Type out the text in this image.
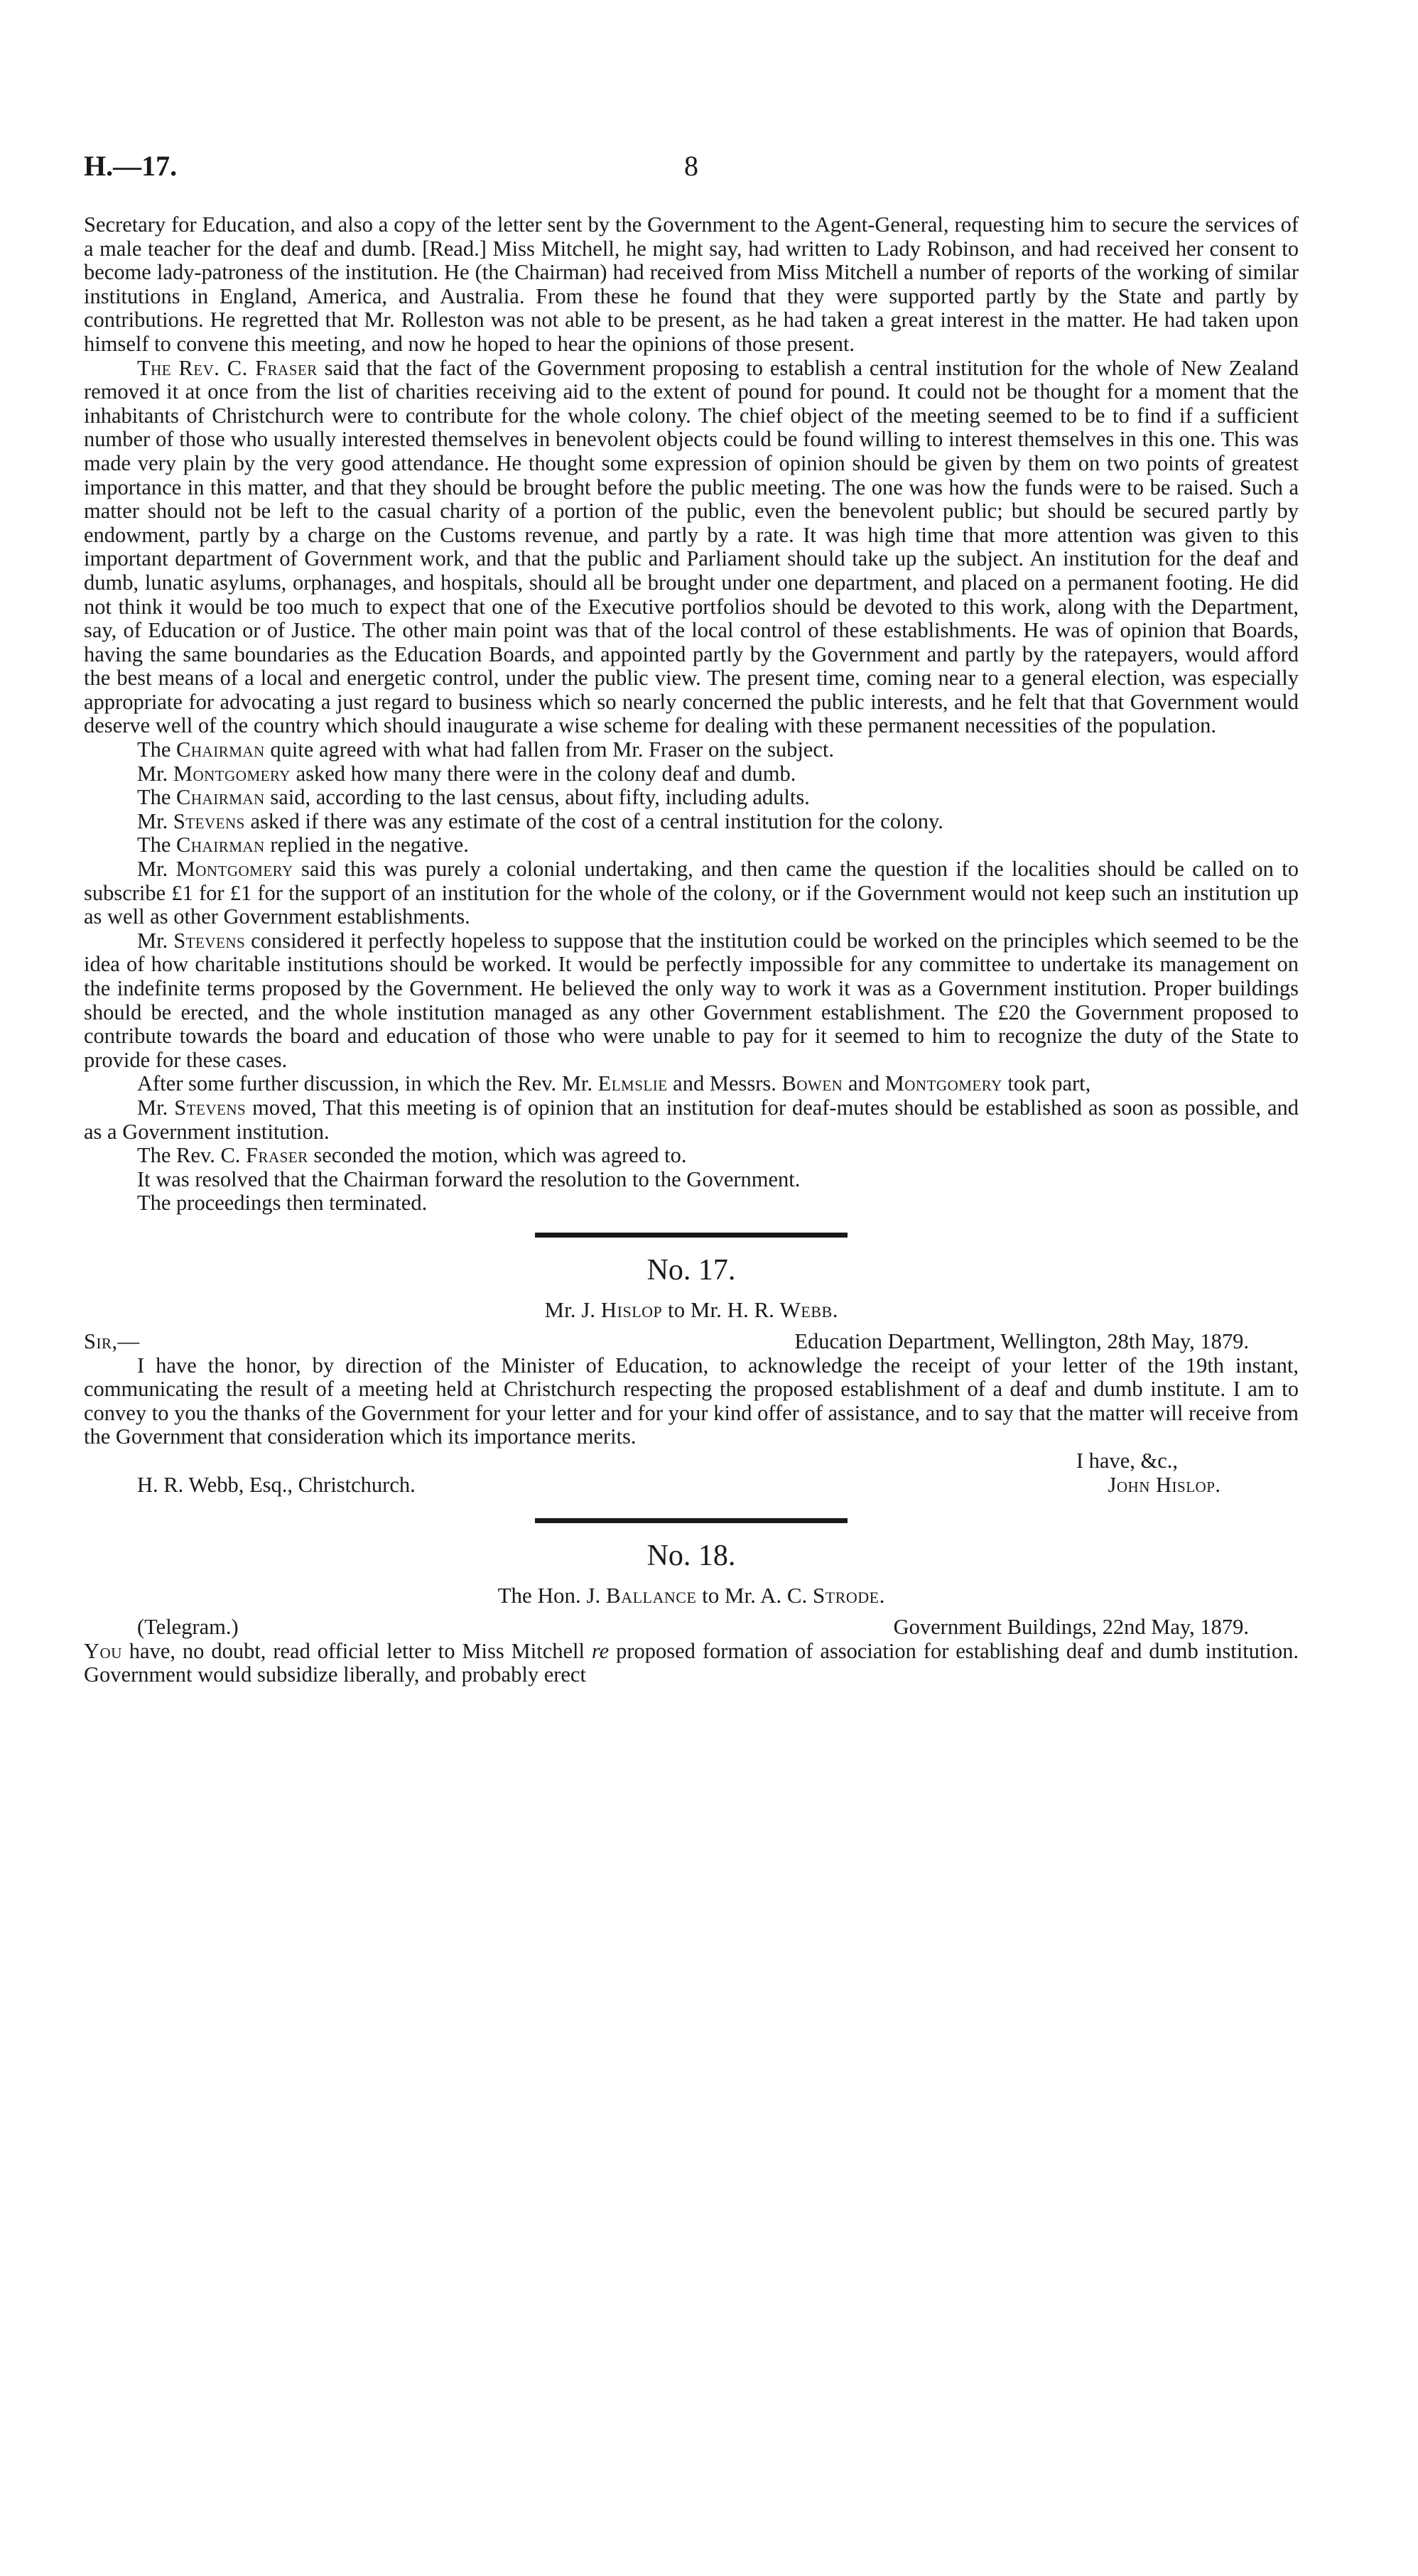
H.—17.	8

Secretary for Education, and also a copy of the letter sent by the Government to the Agent-General, requesting him to secure the services of a male teacher for the deaf and dumb. [Read.] Miss Mitchell, he might say, had written to Lady Robinson, and had received her consent to become lady-patroness of the institution. He (the Chairman) had received from Miss Mitchell a number of reports of the working of similar institutions in England, America, and Australia. From these he found that they were supported partly by the State and partly by contributions. He regretted that Mr. Rolleston was not able to be present, as he had taken a great interest in the matter. He had taken upon himself to convene this meeting, and now he hoped to hear the opinions of those present.

The Rev. C. Fraser said that the fact of the Government proposing to establish a central institution for the whole of New Zealand removed it at once from the list of charities receiving aid to the extent of pound for pound. It could not be thought for a moment that the inhabitants of Christchurch were to contribute for the whole colony. The chief object of the meeting seemed to be to find if a sufficient number of those who usually interested themselves in benevolent objects could be found willing to interest themselves in this one. This was made very plain by the very good attendance. He thought some expression of opinion should be given by them on two points of greatest importance in this matter, and that they should be brought before the public meeting. The one was how the funds were to be raised. Such a matter should not be left to the casual charity of a portion of the public, even the benevolent public; but should be secured partly by endowment, partly by a charge on the Customs revenue, and partly by a rate. It was high time that more attention was given to this important department of Government work, and that the public and Parliament should take up the subject. An institution for the deaf and dumb, lunatic asylums, orphanages, and hospitals, should all be brought under one department, and placed on a permanent footing. He did not think it would be too much to expect that one of the Executive portfolios should be devoted to this work, along with the Department, say, of Education or of Justice. The other main point was that of the local control of these establishments. He was of opinion that Boards, having the same boundaries as the Education Boards, and appointed partly by the Government and partly by the ratepayers, would afford the best means of a local and energetic control, under the public view. The present time, coming near to a general election, was especially appropriate for advocating a just regard to business which so nearly concerned the public interests, and he felt that that Government would deserve well of the country which should inaugurate a wise scheme for dealing with these permanent necessities of the population.

The Chairman quite agreed with what had fallen from Mr. Fraser on the subject.

Mr. Montgomery asked how many there were in the colony deaf and dumb.

The Chairman said, according to the last census, about fifty, including adults.

Mr. Stevens asked if there was any estimate of the cost of a central institution for the colony.

The Chairman replied in the negative.

Mr. Montgomery said this was purely a colonial undertaking, and then came the question if the localities should be called on to subscribe £1 for £1 for the support of an institution for the whole of the colony, or if the Government would not keep such an institution up as well as other Government establishments.

Mr. Stevens considered it perfectly hopeless to suppose that the institution could be worked on the principles which seemed to be the idea of how charitable institutions should be worked. It would be perfectly impossible for any committee to undertake its management on the indefinite terms proposed by the Government. He believed the only way to work it was as a Government institution. Proper buildings should be erected, and the whole institution managed as any other Government establishment. The £20 the Government proposed to contribute towards the board and education of those who were unable to pay for it seemed to him to recognize the duty of the State to provide for these cases.

After some further discussion, in which the Rev. Mr. Elmslie and Messrs. Bowen and Montgomery took part,

Mr. Stevens moved, That this meeting is of opinion that an institution for deaf-mutes should be established as soon as possible, and as a Government institution.

The Rev. C. Fraser seconded the motion, which was agreed to.

It was resolved that the Chairman forward the resolution to the Government.

The proceedings then terminated.

No. 17.
Mr. J. Hislop to Mr. H. R. Webb.
Sir,—	Education Department, Wellington, 28th May, 1879.

I have the honor, by direction of the Minister of Education, to acknowledge the receipt of your letter of the 19th instant, communicating the result of a meeting held at Christchurch respecting the proposed establishment of a deaf and dumb institute. I am to convey to you the thanks of the Government for your letter and for your kind offer of assistance, and to say that the matter will receive from the Government that consideration which its importance merits.

I have, &c.,
H. R. Webb, Esq., Christchurch.	John Hislop.
No. 18.
The Hon. J. Ballance to Mr. A. C. Strode.
(Telegram.)	Government Buildings, 22nd May, 1879.

You have, no doubt, read official letter to Miss Mitchell re proposed formation of association for establishing deaf and dumb institution. Government would subsidize liberally, and probably erect
